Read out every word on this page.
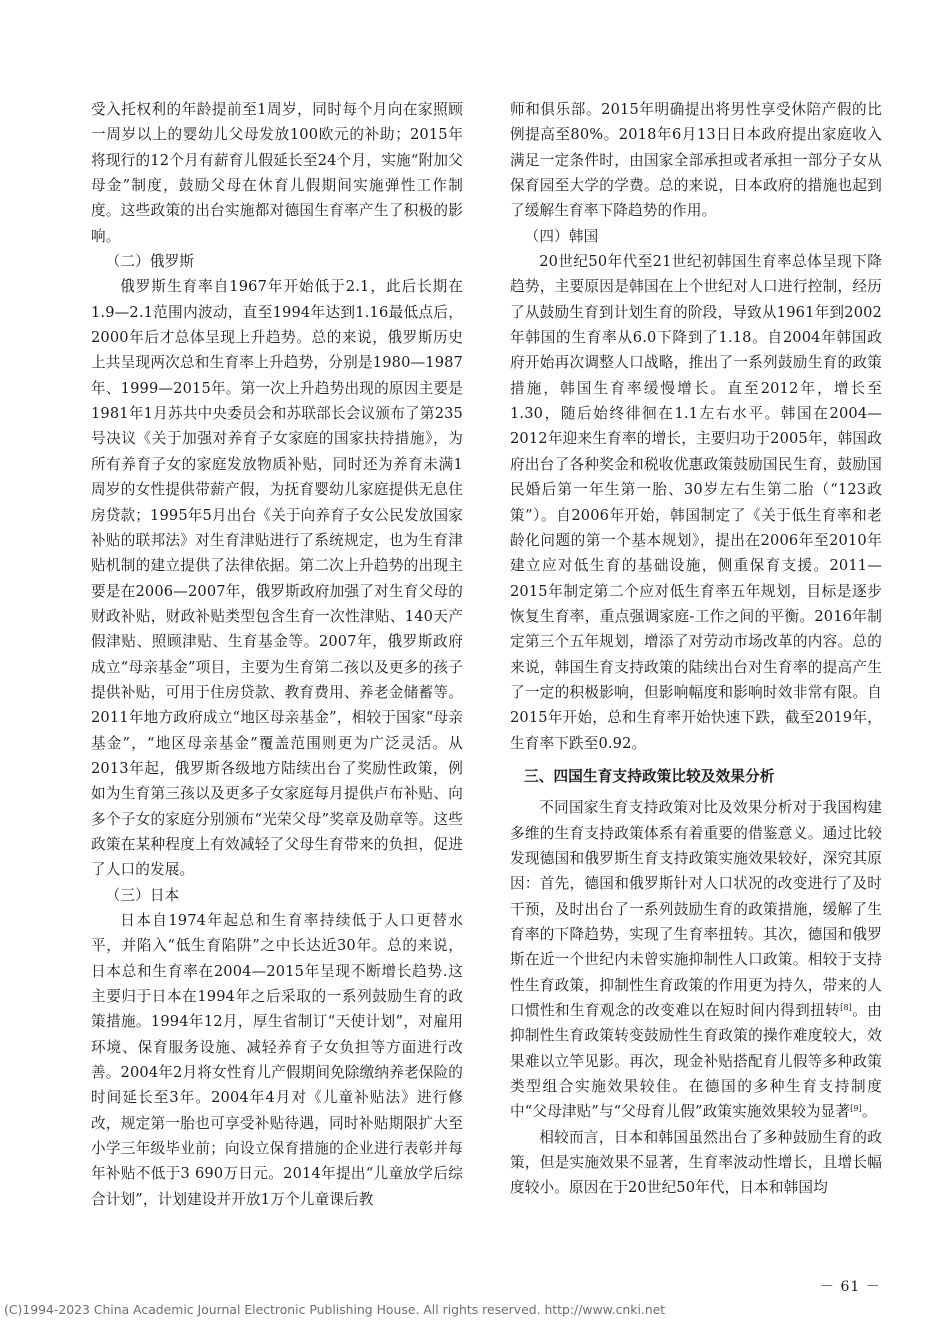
受入托权利的年龄提前至1周岁，同时每个月向在家照顾一周岁以上的婴幼儿父母发放100欧元的补助；2015年将现行的12个月有薪育儿假延长至24个月，实施“附加父母金”制度，鼓励父母在休育儿假期间实施弹性工作制度。这些政策的出台实施都对德国生育率产生了积极的影响。

（二）俄罗斯

俄罗斯生育率自1967年开始低于2.1，此后长期在1.9—2.1范围内波动，直至1994年达到1.16最低点后，2000年后才总体呈现上升趋势。总的来说，俄罗斯历史上共呈现两次总和生育率上升趋势，分别是1980—1987年、1999—2015年。第一次上升趋势出现的原因主要是1981年1月苏共中央委员会和苏联部长会议颁布了第235号决议《关于加强对养育子女家庭的国家扶持措施》，为所有养育子女的家庭发放物质补贴，同时还为养育未满1周岁的女性提供带薪产假，为抚育婴幼儿家庭提供无息住房贷款；1995年5月出台《关于向养育子女公民发放国家补贴的联邦法》对生育津贴进行了系统规定，也为生育津贴机制的建立提供了法律依据。第二次上升趋势的出现主要是在2006—2007年，俄罗斯政府加强了对生育父母的财政补贴，财政补贴类型包含生育一次性津贴、140天产假津贴、照顾津贴、生育基金等。2007年，俄罗斯政府成立“母亲基金”项目，主要为生育第二孩以及更多的孩子提供补贴，可用于住房贷款、教育费用、养老金储蓄等。2011年地方政府成立“地区母亲基金”，相较于国家“母亲基金”，“地区母亲基金”覆盖范围则更为广泛灵活。从2013年起，俄罗斯各级地方陆续出台了奖励性政策，例如为生育第三孩以及更多子女家庭每月提供卢布补贴、向多个子女的家庭分别颁布“光荣父母”奖章及勋章等。这些政策在某种程度上有效减轻了父母生育带来的负担，促进了人口的发展。

（三）日本

日本自1974年起总和生育率持续低于人口更替水平，并陷入“低生育陷阱”之中长达近30年。总的来说，日本总和生育率在2004—2015年呈现不断增长趋势.这主要归于日本在1994年之后采取的一系列鼓励生育的政策措施。1994年12月，厚生省制订“天使计划”，对雇用环境、保育服务设施、减轻养育子女负担等方面进行改善。2004年2月将女性育儿产假期间免除缴纳养老保险的时间延长至3年。2004年4月对《儿童补贴法》进行修改，规定第一胎也可享受补贴待遇，同时补贴期限扩大至小学三年级毕业前；向设立保育措施的企业进行表彰并每年补贴不低于3 690万日元。2014年提出“儿童放学后综合计划”，计划建设并开放1万个儿童课后教

师和俱乐部。2015年明确提出将男性享受休陪产假的比例提高至80%。2018年6月13日日本政府提出家庭收入满足一定条件时，由国家全部承担或者承担一部分子女从保育园至大学的学费。总的来说，日本政府的措施也起到了缓解生育率下降趋势的作用。

（四）韩国

20世纪50年代至21世纪初韩国生育率总体呈现下降趋势，主要原因是韩国在上个世纪对人口进行控制，经历了从鼓励生育到计划生育的阶段，导致从1961年到2002年韩国的生育率从6.0下降到了1.18。自2004年韩国政府开始再次调整人口战略，推出了一系列鼓励生育的政策措施，韩国生育率缓慢增长。直至2012年，增长至1.30，随后始终徘徊在1.1左右水平。韩国在2004—2012年迎来生育率的增长，主要归功于2005年，韩国政府出台了各种奖金和税收优惠政策鼓励国民生育，鼓励国民婚后第一年生第一胎、30岁左右生第二胎（“123政策”）。自2006年开始，韩国制定了《关于低生育率和老龄化问题的第一个基本规划》，提出在2006年至2010年建立应对低生育的基础设施，侧重保育支援。2011—2015年制定第二个应对低生育率五年规划，目标是逐步恢复生育率，重点强调家庭-工作之间的平衡。2016年制定第三个五年规划，增添了对劳动市场改革的内容。总的来说，韩国生育支持政策的陆续出台对生育率的提高产生了一定的积极影响，但影响幅度和影响时效非常有限。自2015年开始，总和生育率开始快速下跌，截至2019年，生育率下跌至0.92。

三、四国生育支持政策比较及效果分析

不同国家生育支持政策对比及效果分析对于我国构建多维的生育支持政策体系有着重要的借鉴意义。通过比较发现德国和俄罗斯生育支持政策实施效果较好，深究其原因：首先，德国和俄罗斯针对人口状况的改变进行了及时干预，及时出台了一系列鼓励生育的政策措施，缓解了生育率的下降趋势，实现了生育率扭转。其次，德国和俄罗斯在近一个世纪内未曾实施抑制性人口政策。相较于支持性生育政策，抑制性生育政策的作用更为持久，带来的人口惯性和生育观念的改变难以在短时间内得到扭转[8]。由抑制性生育政策转变鼓励性生育政策的操作难度较大，效果难以立竿见影。再次，现金补贴搭配育儿假等多种政策类型组合实施效果较佳。在德国的多种生育支持制度中“父母津贴”与“父母育儿假”政策实施效果较为显著[9]。

相较而言，日本和韩国虽然出台了多种鼓励生育的政策，但是实施效果不显著，生育率波动性增长，且增长幅度较小。原因在于20世纪50年代，日本和韩国均

－ 61 －
(C)1994-2023 China Academic Journal Electronic Publishing House. All rights reserved. http://www.cnki.net
